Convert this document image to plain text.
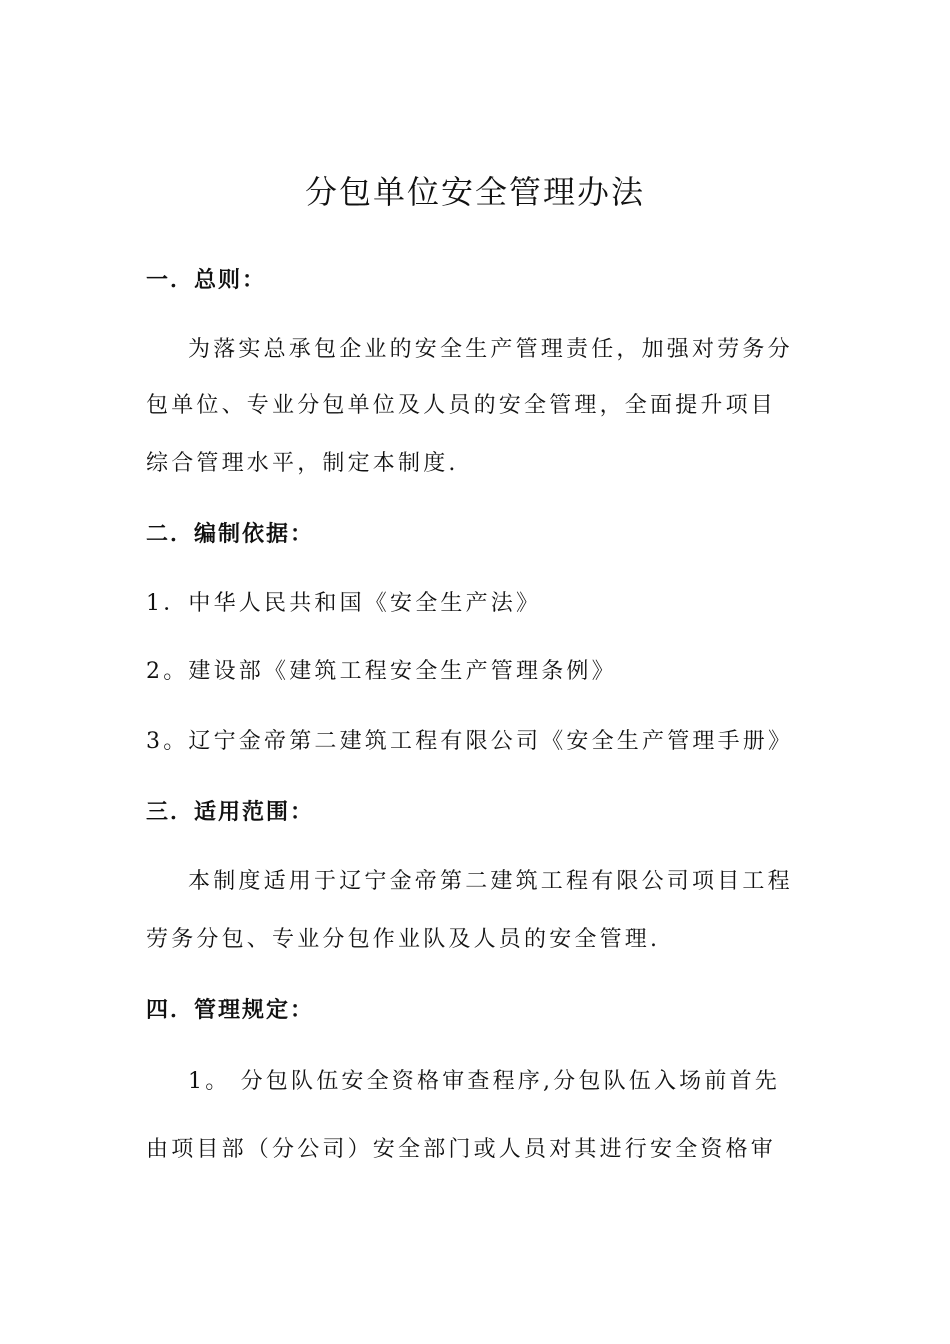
分包单位安全管理办法
一．总则：
为落实总承包企业的安全生产管理责任，加强对劳务分
包单位、专业分包单位及人员的安全管理，全面提升项目
综合管理水平，制定本制度.
二．编制依据：
1．中华人民共和国《安全生产法》
2。建设部《建筑工程安全生产管理条例》
3。辽宁金帝第二建筑工程有限公司《安全生产管理手册》
三．适用范围：
本制度适用于辽宁金帝第二建筑工程有限公司项目工程
劳务分包、专业分包作业队及人员的安全管理.
四．管理规定：
1。 分包队伍安全资格审查程序,分包队伍入场前首先
由项目部（分公司）安全部门或人员对其进行安全资格审
